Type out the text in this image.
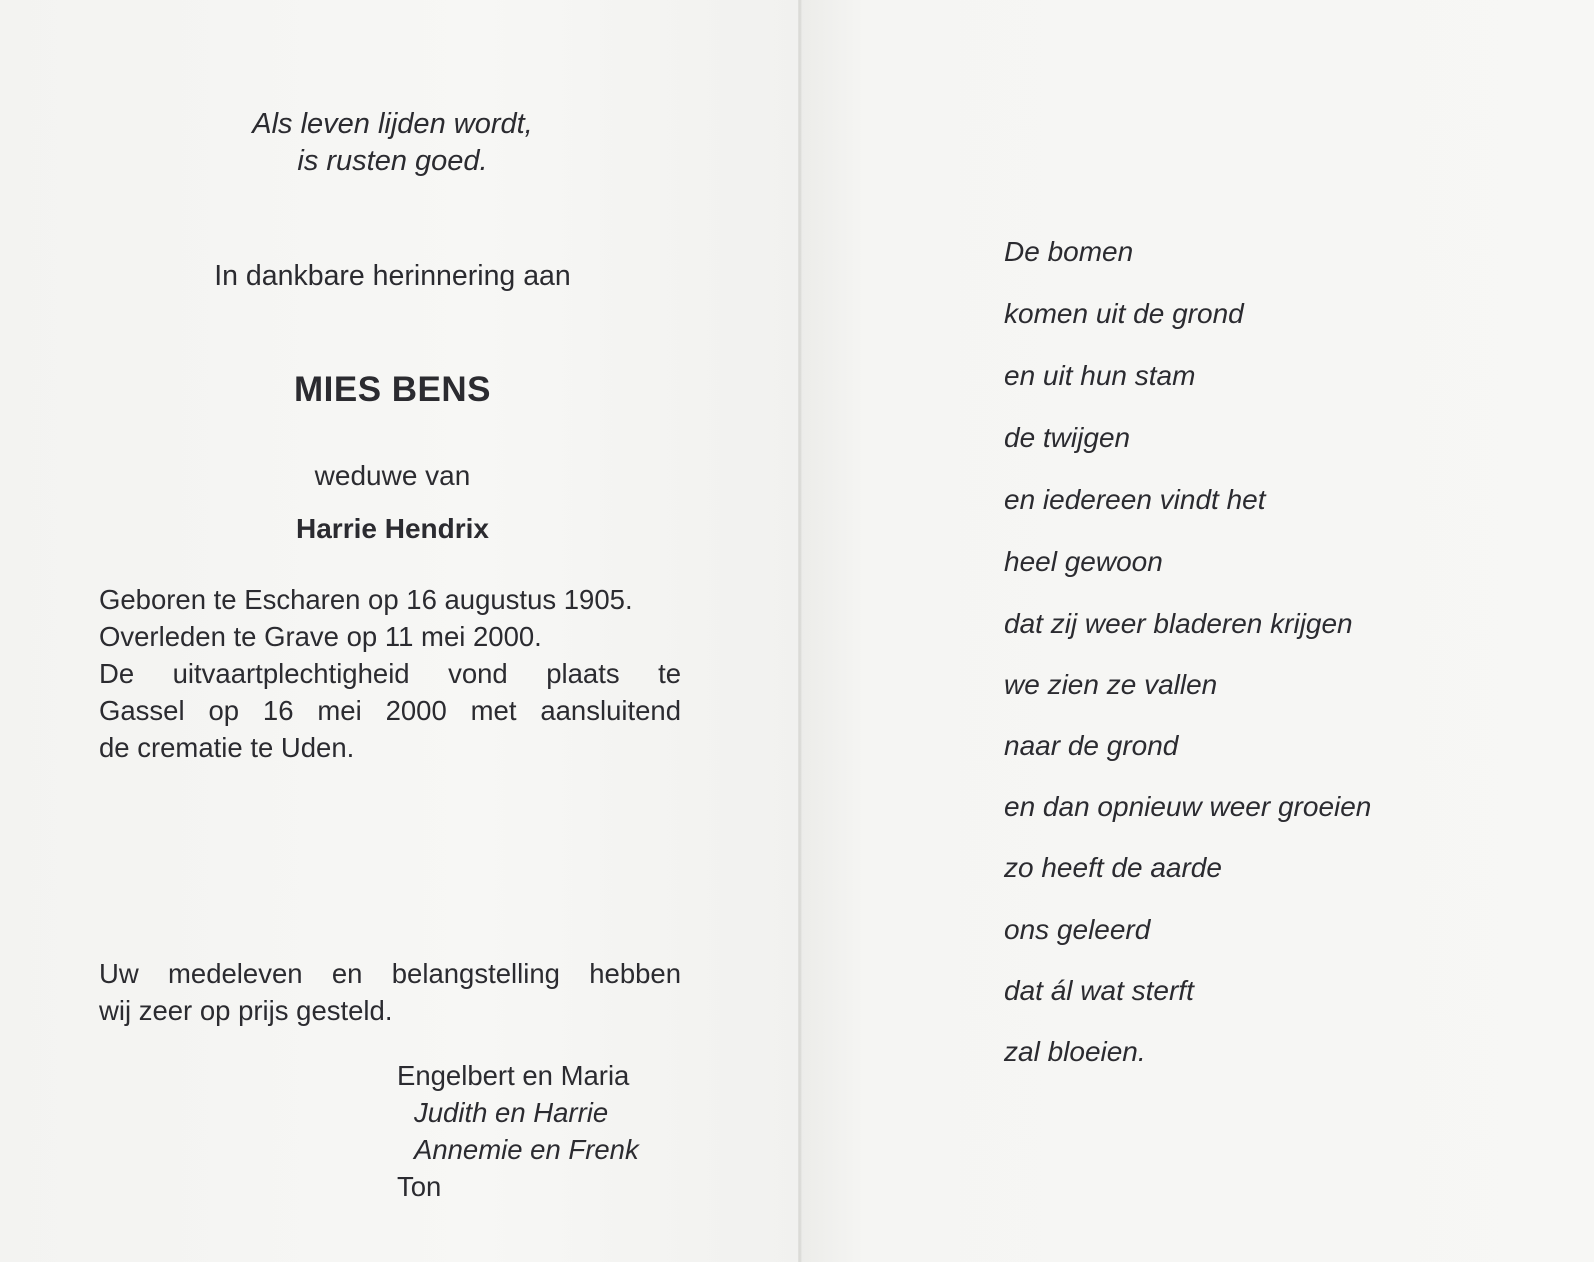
Als leven lijden wordt,

is rusten goed.

In dankbare herinnering aan

MIES BENS

weduwe van

Harrie Hendrix

Geboren te Escharen op 16 augustus 1905.
Overleden te Grave op 11 mei 2000.
De uitvaartplechtigheid vond plaats te
Gassel op 16 mei 2000 met aansluitend
de crematie te Uden.
Uw medeleven en belangstelling hebben
wij zeer op prijs gesteld.

Engelbert en Maria

Judith en Harrie

Annemie en Frenk

Ton

De bomen

komen uit de grond

en uit hun stam

de twijgen

en iedereen vindt het

heel gewoon

dat zij weer bladeren krijgen

we zien ze vallen

naar de grond

en dan opnieuw weer groeien

zo heeft de aarde

ons geleerd

dat ál wat sterft

zal bloeien.
